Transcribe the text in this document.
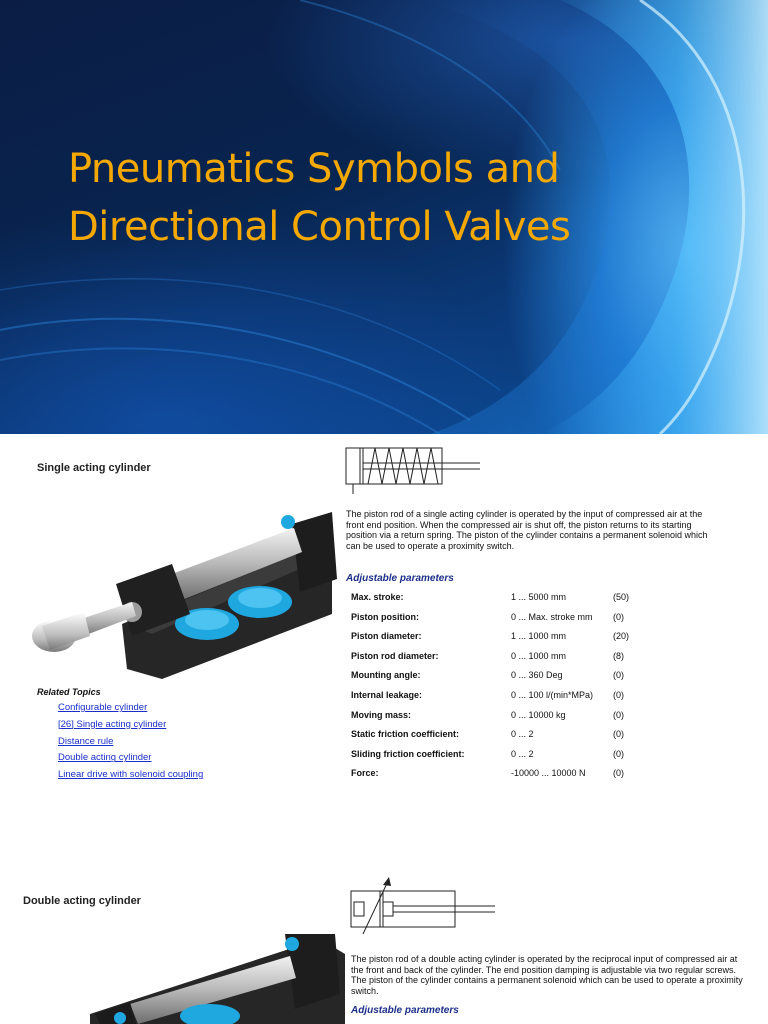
Pneumatics Symbols and
Directional Control Valves
Single acting cylinder
The piston rod of a single acting cylinder is operated by the input of compressed air at the front end position. When the compressed air is shut off, the piston returns to its starting position via a return spring. The piston of the cylinder contains a permanent solenoid which can be used to operate a proximity switch.
Adjustable parameters
Max. stroke:	1 ... 5000 mm	(50)
Piston position:	0 ... Max. stroke mm (0)
Piston diameter:	1 ... 1000 mm	(20)
Piston rod diameter:	0 ... 1000 mm	(8)
Mounting angle:	0 ... 360 Deg	(0)
Internal leakage:	0 ... 100 l/(min*MPa) (0)
Moving mass:	0 ... 10000 kg	(0)
Static friction coefficient:	0 ... 2	(0)
Sliding friction coefficient:	0 ... 2	(0)
Force:	-10000 ... 10000 N	(0)
Related Topics
Configurable cylinder
[26] Single acting cylinder
Distance rule
Double acting cylinder
Linear drive with solenoid coupling
Double acting cylinder
The piston rod of a double acting cylinder is operated by the reciprocal input of compressed air at the front and back of the cylinder. The end position damping is adjustable via two regular screws. The piston of the cylinder contains a permanent solenoid which can be used to operate a proximity switch.
Adjustable parameters
